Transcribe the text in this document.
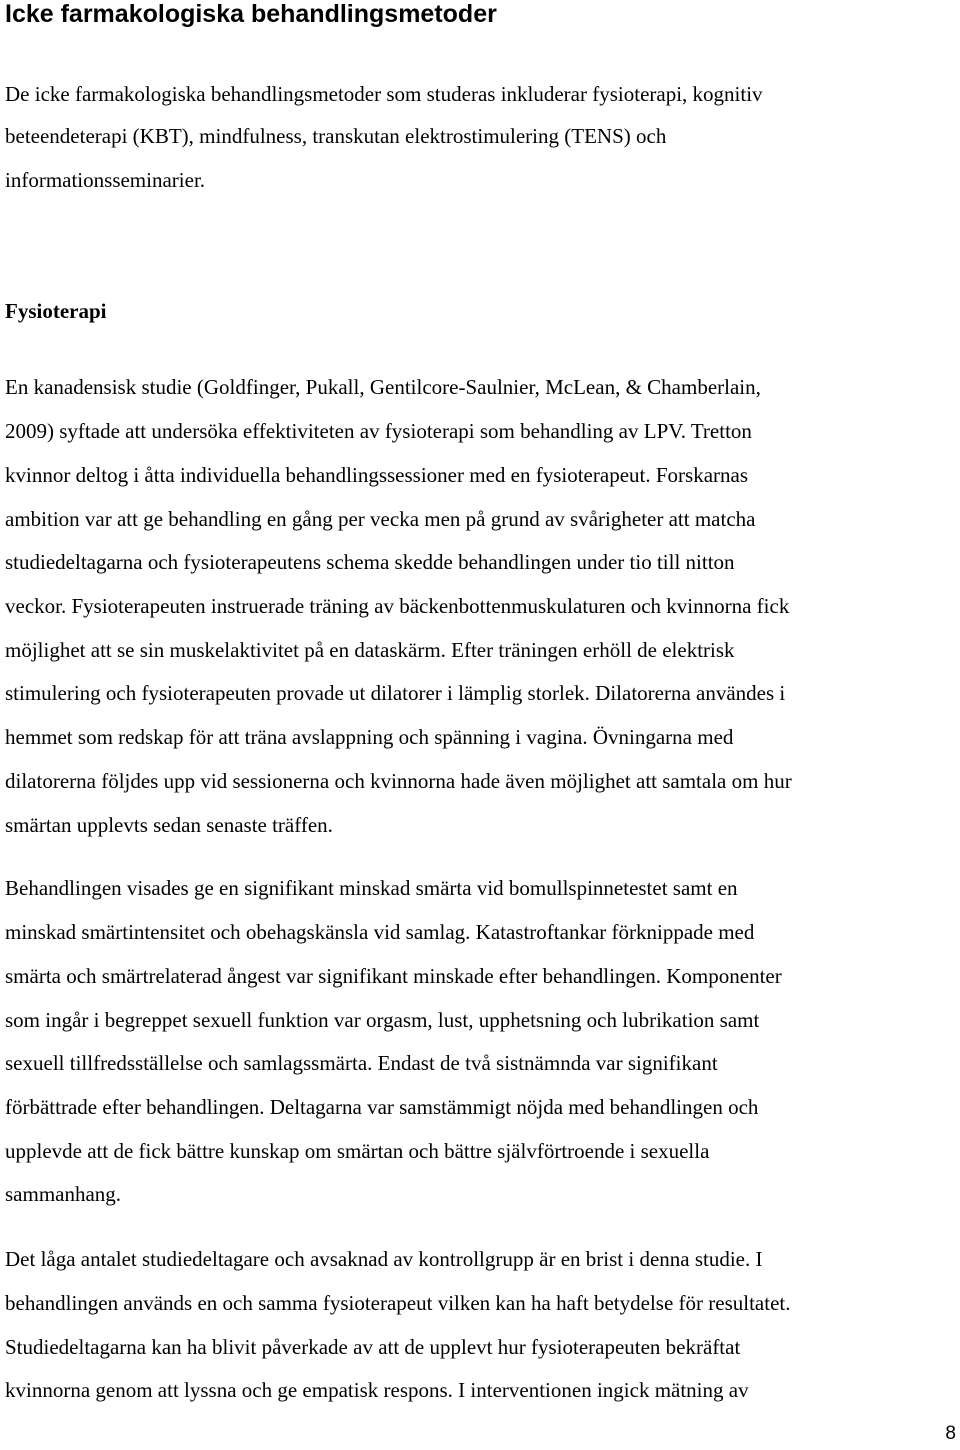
Icke farmakologiska behandlingsmetoder

De icke farmakologiska behandlingsmetoder som studeras inkluderar fysioterapi, kognitiv

beteendeterapi (KBT), mindfulness, transkutan elektrostimulering (TENS) och

informationsseminarier.

Fysioterapi

En kanadensisk studie (Goldfinger, Pukall, Gentilcore-Saulnier, McLean, & Chamberlain,

2009) syftade att undersöka effektiviteten av fysioterapi som behandling av LPV. Tretton

kvinnor deltog i åtta individuella behandlingssessioner med en fysioterapeut. Forskarnas

ambition var att ge behandling en gång per vecka men på grund av svårigheter att matcha

studiedeltagarna och fysioterapeutens schema skedde behandlingen under tio till nitton

veckor. Fysioterapeuten instruerade träning av bäckenbottenmuskulaturen och kvinnorna fick

möjlighet att se sin muskelaktivitet på en dataskärm. Efter träningen erhöll de elektrisk

stimulering och fysioterapeuten provade ut dilatorer i lämplig storlek. Dilatorerna användes i

hemmet som redskap för att träna avslappning och spänning i vagina. Övningarna med

dilatorerna följdes upp vid sessionerna och kvinnorna hade även möjlighet att samtala om hur

smärtan upplevts sedan senaste träffen.

Behandlingen visades ge en signifikant minskad smärta vid bomullspinnetestet samt en

minskad smärtintensitet och obehagskänsla vid samlag. Katastroftankar förknippade med

smärta och smärtrelaterad ångest var signifikant minskade efter behandlingen. Komponenter

som ingår i begreppet sexuell funktion var orgasm, lust, upphetsning och lubrikation samt

sexuell tillfredsställelse och samlagssmärta. Endast de två sistnämnda var signifikant

förbättrade efter behandlingen. Deltagarna var samstämmigt nöjda med behandlingen och

upplevde att de fick bättre kunskap om smärtan och bättre självförtroende i sexuella

sammanhang.

Det låga antalet studiedeltagare och avsaknad av kontrollgrupp är en brist i denna studie. I

behandlingen används en och samma fysioterapeut vilken kan ha haft betydelse för resultatet.

Studiedeltagarna kan ha blivit påverkade av att de upplevt hur fysioterapeuten bekräftat

kvinnorna genom att lyssna och ge empatisk respons. I interventionen ingick mätning av

8
